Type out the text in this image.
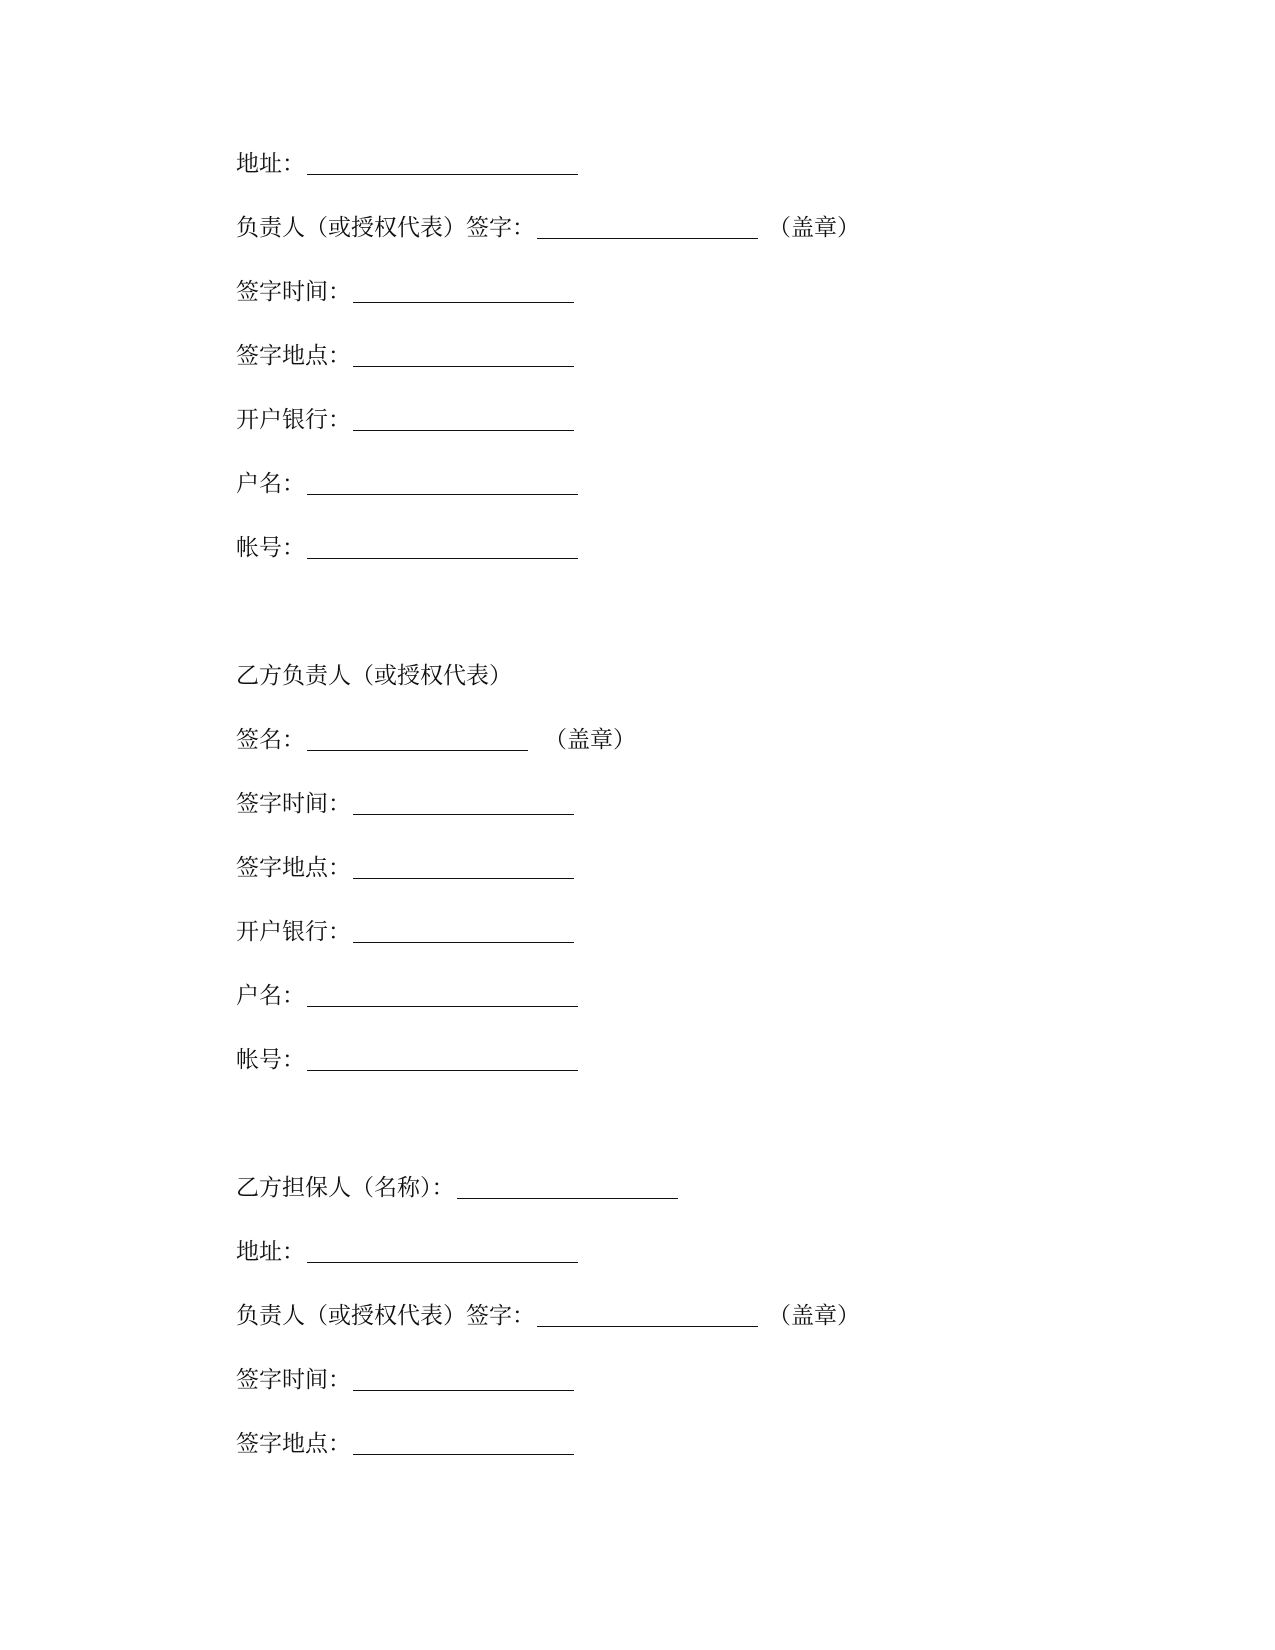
地址：
负责人（或授权代表）签字：	（盖章）
签字时间：
签字地点：
开户银行：
户名：
帐号：
乙方负责人（或授权代表）
签名：	（盖章）
签字时间：
签字地点：
开户银行：
户名：
帐号：
乙方担保人（名称）：
地址：
负责人（或授权代表）签字：	（盖章）
签字时间：
签字地点：
